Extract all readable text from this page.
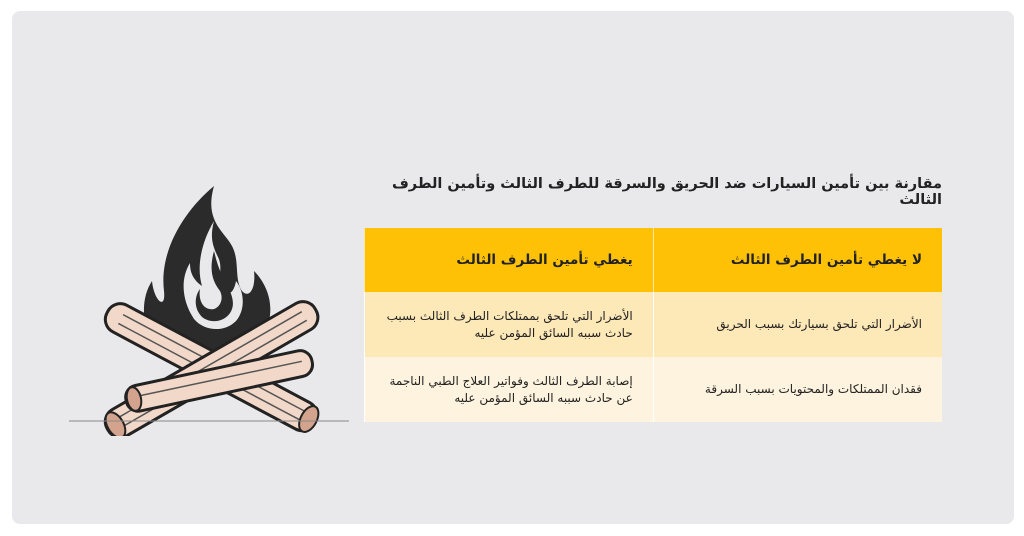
مقارنة بين تأمين السيارات ضد الحريق والسرقة للطرف الثالث وتأمين الطرف الثالث
لا يغطي تأمين الطرف الثالث	يغطي تأمين الطرف الثالث
الأضرار التي تلحق بسيارتك بسبب الحريق	الأضرار التي تلحق بممتلكات الطرف الثالث بسبب حادث سببه السائق المؤمن عليه
فقدان الممتلكات والمحتويات بسبب السرقة	إصابة الطرف الثالث وفواتير العلاج الطبي الناجمة عن حادث سببه السائق المؤمن عليه
